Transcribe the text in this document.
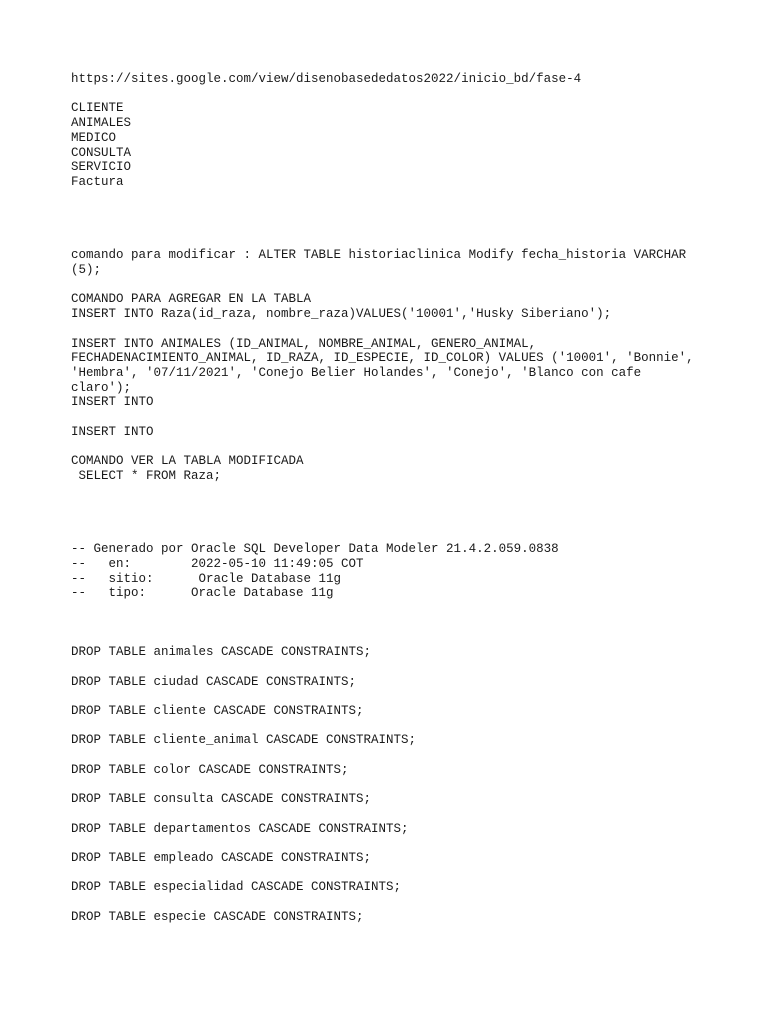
https://sites.google.com/view/disenobasededatos2022/inicio_bd/fase-4
CLIENTE
ANIMALES
MEDICO
CONSULTA
SERVICIO
Factura
comando para modificar : ALTER TABLE historiaclinica Modify fecha_historia VARCHAR
(5);
COMANDO PARA AGREGAR EN LA TABLA
INSERT INTO Raza(id_raza, nombre_raza)VALUES('10001','Husky Siberiano');
INSERT INTO ANIMALES (ID_ANIMAL, NOMBRE_ANIMAL, GENERO_ANIMAL,
FECHADENACIMIENTO_ANIMAL, ID_RAZA, ID_ESPECIE, ID_COLOR) VALUES ('10001', 'Bonnie',
'Hembra', '07/11/2021', 'Conejo Belier Holandes', 'Conejo', 'Blanco con cafe
claro');
INSERT INTO
INSERT INTO
COMANDO VER LA TABLA MODIFICADA
SELECT * FROM Raza;
-- Generado por Oracle SQL Developer Data Modeler 21.4.2.059.0838
--   en:        2022-05-10 11:49:05 COT
--   sitio:      Oracle Database 11g
--   tipo:      Oracle Database 11g
DROP TABLE animales CASCADE CONSTRAINTS;
DROP TABLE ciudad CASCADE CONSTRAINTS;
DROP TABLE cliente CASCADE CONSTRAINTS;
DROP TABLE cliente_animal CASCADE CONSTRAINTS;
DROP TABLE color CASCADE CONSTRAINTS;
DROP TABLE consulta CASCADE CONSTRAINTS;
DROP TABLE departamentos CASCADE CONSTRAINTS;
DROP TABLE empleado CASCADE CONSTRAINTS;
DROP TABLE especialidad CASCADE CONSTRAINTS;
DROP TABLE especie CASCADE CONSTRAINTS;
